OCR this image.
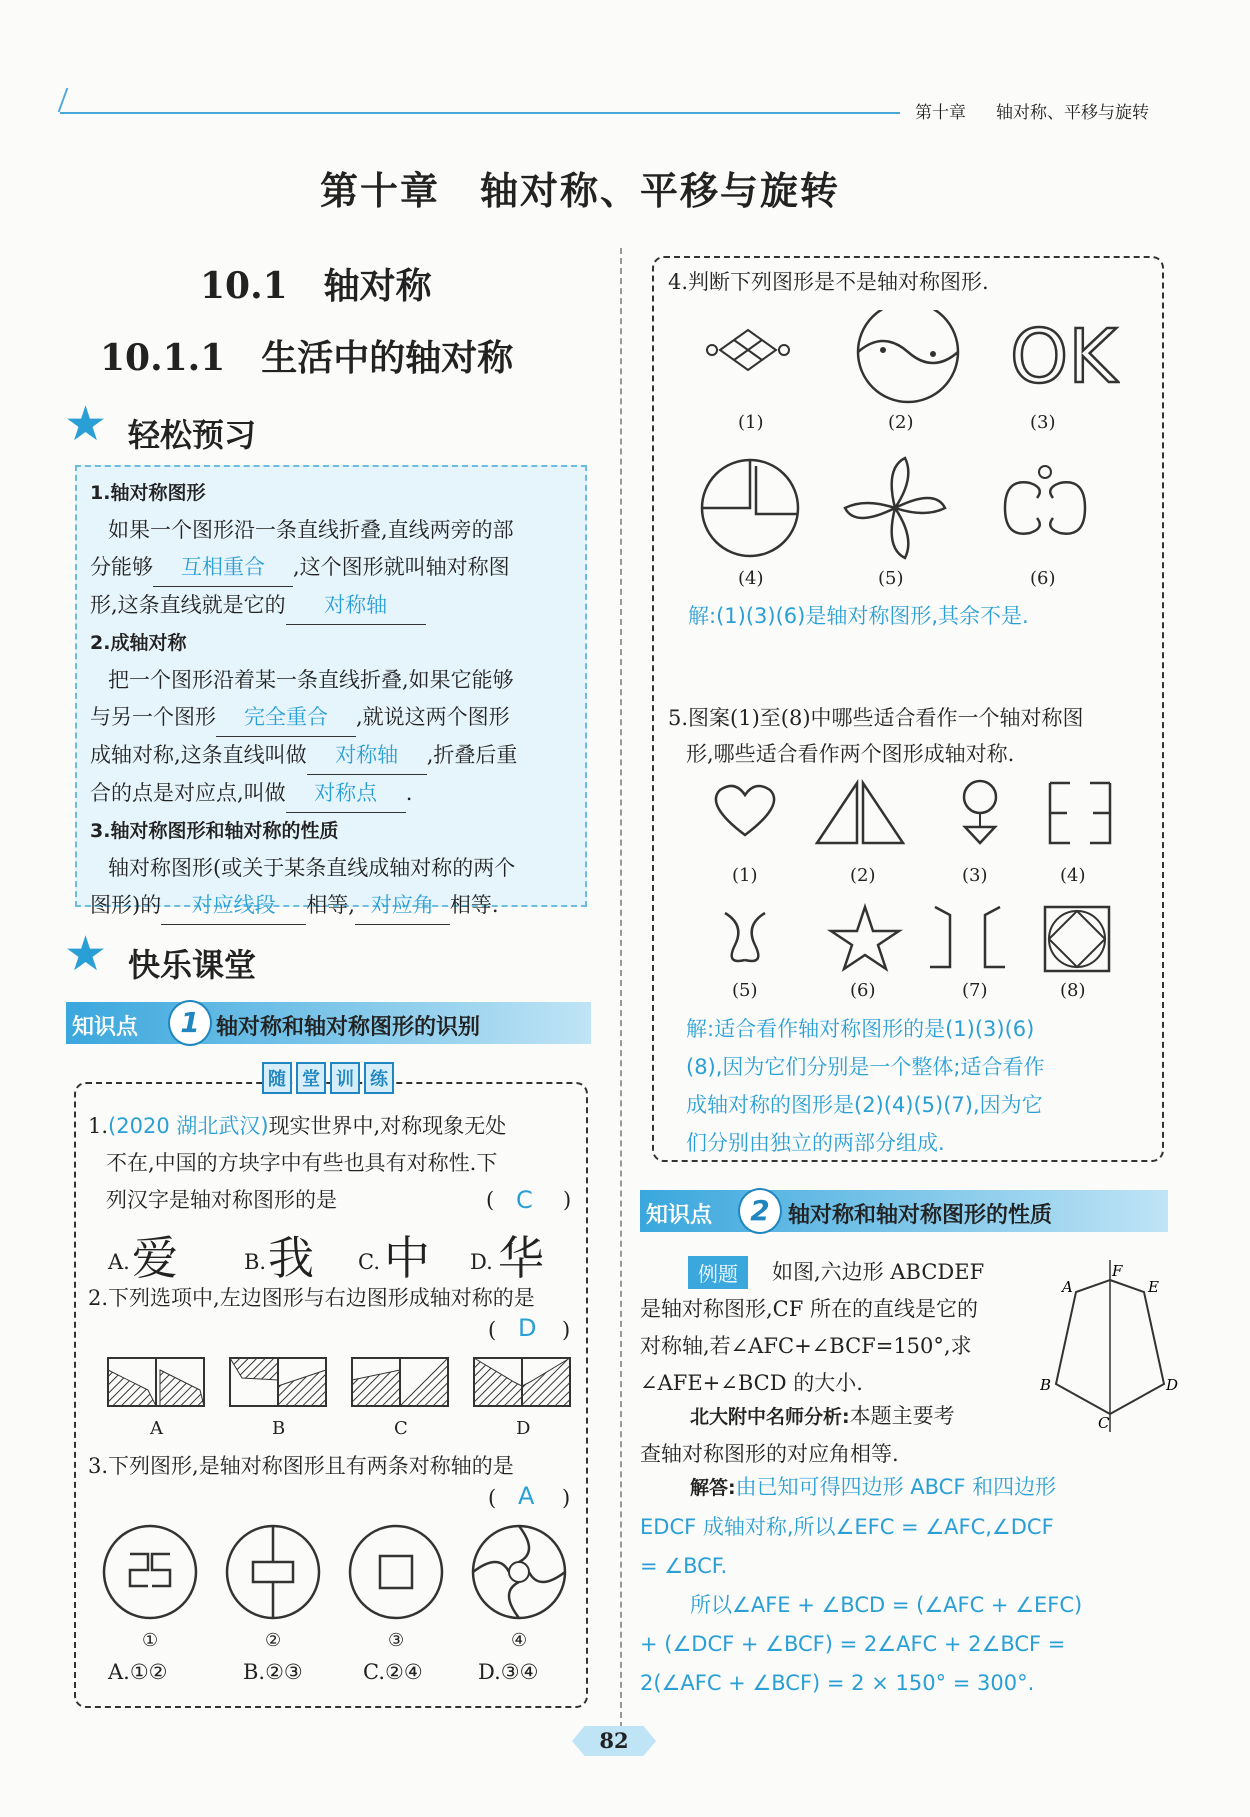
第十章 轴对称、平移与旋转
第十章　轴对称、平移与旋转
10.1　轴对称
10.1.1　生活中的轴对称
★ 轻松预习
1.轴对称图形
如果一个图形沿一条直线折叠,直线两旁的部
分能够 互相重合 ,这个图形就叫轴对称图
形,这条直线就是它的 对称轴
2.成轴对称
把一个图形沿着某一条直线折叠,如果它能够
与另一个图形 完全重合 ,就说这两个图形
成轴对称,这条直线叫做 对称轴 ,折叠后重
合的点是对应点,叫做 对称点 .
3.轴对称图形和轴对称的性质
轴对称图形(或关于某条直线成轴对称的两个
图形)的 对应线段 相等, 对应角 相等.
★ 快乐课堂
知识点	1 轴对称和轴对称图形的识别
随 堂 训 练
1.(2020 湖北武汉)现实世界中,对称现象无处
不在,中国的方块字中有些也具有对称性.下
列汉字是轴对称图形的是	( C )
A. 爱	B. 我 C. 中 D. 华
2.下列选项中,左边图形与右边图形成轴对称的是
( D )
A	B	C	D
3.下列图形,是轴对称图形且有两条对称轴的是
( A )
①	②	③	④
A.①②	B.②③	C.②④	D.③④
4.判断下列图形是不是轴对称图形.
OK
(1)	(2)	(3)
(4)	(5)	(6)
解:(1)(3)(6)是轴对称图形,其余不是.
5.图案(1)至(8)中哪些适合看作一个轴对称图
形,哪些适合看作两个图形成轴对称.
(1)	(2)	(3)	(4)
(5)	(6)	(7)	(8)
解:适合看作轴对称图形的是(1)(3)(6)
(8),因为它们分别是一个整体;适合看作
成轴对称的图形是(2)(4)(5)(7),因为它
们分别由独立的两部分组成.
知识点	2 轴对称和轴对称图形的性质
例题	如图,六边形 ABCDEF
是轴对称图形,CF 所在的直线是它的
对称轴,若∠AFC+∠BCF=150°,求
∠AFE+∠BCD 的大小.
F
A	E
B	D
C
北大附中名师分析:本题主要考
查轴对称图形的对应角相等.
解答:由已知可得四边形 ABCF 和四边形
EDCF 成轴对称,所以∠EFC = ∠AFC,∠DCF
= ∠BCF.
所以∠AFE + ∠BCD = (∠AFC + ∠EFC)
+ (∠DCF + ∠BCF) = 2∠AFC + 2∠BCF =
2(∠AFC + ∠BCF) = 2 × 150° = 300°.
82
